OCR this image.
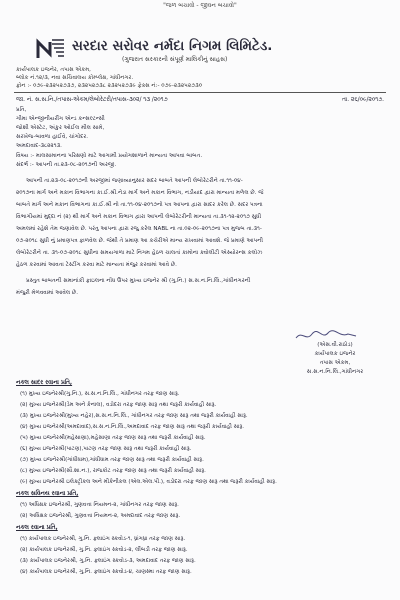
"જળ બચાવો - જીવન બચાવો"
સરદાર સરોવર નર્મદા નિગમ લિમિટેડ.
(ગુજરાત સરકારની સંપૂર્ણ માલિકીનું સાહસ)
કાર્યપાલક ઇજનેર, તપાસ એકમ,
બ્લોક નં.૧૨/૩, નવા સચિવાલય કોમ્પ્લેક્ષ, ગાંધીનગર.
ફોન :- ૦૭૯-૨૩૨૫૨૭૩૭, ૨૩૨૫૨૭૩૮ ૨૩૨૫૨૭૩૯ ફેક્સ નં:- ૦૭૯-૨૩૨૫૨૭૩૦
જા. નં. સ.સ.નિ./તપાસ-એકમ/લેબોરેટરી/તપાસ-૩૦૨/ ૧૩ /૨૦૧૭	તા. ૨૬/૦૯/૨૦૧૭.
પ્રતિ,
ગીમા એન્જીનીયરીંગ એન્ડ કન્સલ્ટન્સી
જોશી એસ્ટેટ, અંકુર ઓઈલ મીલ સામે,
સરખેજ-બાવળા હાઈવે, ચાંગોદર.
અમદાવાદ-૩૮૨૨૧૩.
વિષય :- માલસામાનના પરિક્ષણો માટે આગામી પ્રયોગશાળાને માન્યતા આપવા બાબત.
સંદર્ભ :- આપની તા.૨૩-૦૮-૨૦૧૭ની અરજી.
આપની તા.૨૩-૦૮-૨૦૧૭ની અરજીમાં જણાવ્યાનુસાર સદર બાબતે આપની લેબોરેટરીને તા.૧૧-૦૪-
૨૦૧૭ના માર્ગ અને મકાન વિભાગના કા.ઈ.શ્રી.નેડા માર્ગ અને મકાન વિભાગ, નડીયાદ દ્વારા માન્યતા મળેલ છે. જે
બાબતે માર્ગ અને મકાન વિભાગના કા.ઈ.શ્રી નો તા.૧૧-૦૪-૨૦૧૭નો પત્ર આપના દ્વારા સાદર કરેલ છે. સદર પત્રના
વિભાગીયમાં મુદ્દા નં (૨) થી માર્ગ અને મકાન વિભાગ દ્વારા આપની લેબોરેટરીની માન્યતા તા.૩૧-૧૨-૨૦૧૭ સુધી
અમલમાં રહેશે તેમ જણાવેલ છે. પરંતુ આપના દ્વારા રજુ કરેલ NABL ના તા.૦૨-૦૯-૨૦૧૭ના પત્ર મુજબ તા.૩૧-
૦૭-૨૦૧૮ સુધી નું પ્રમાણપત્ર ફાળવેલ છે. જેથી તે પ્રમાણ આ કચેરીએ માન્ય રાખવામાં આવશે. જે પ્રમાણે આપની
લેબોરેટરીને તા. ૩૧-૦૭-૨૦૧૮ સુધીના સમયગાળા માટે નિગમ હેઠળ ચાલતાં કામોના ક્વોલીટી એસ્યોરન્સ કલોઝ
હેઠળ કરવામાં આવતા ટેસ્ટીંગ કરવા માટે માન્યતા મંજુર કરવામાં આવે છે.
પ્રસ્તુત બાબતની સમાનાંકી ફાઇલના નોંધ ઉપર મુખ્ય ઇજનેર શ્રી (ગુ.નિ.) સ.સ.ન.નિ.લિ.,ગાંધીનગરની
મંજુરી મેળવવામાં આવેલ છે.
(એસ.વી.રાઠોડ)
કાર્યપાલક ઇજનેર
તપાસ એકમ,
સ.સ.ન.નિ.લિ.,ગાંધીનગર
નકલ સાદર રવાના પ્રતિ,
(૧) મુખ્ય ઇજનેરશ્રી(ગુ.નિ.), સ.સ.ન.નિ.લિ., ગાંધીનગર તરફ જાણ સારૂ.
(૨) મુખ્ય ઇજનેરશ્રી(ડેમ અને કેનાલ), વડોદરા તરફ જાણ સારૂ તથા જરૂરી કાર્યવાહી સારૂ.
(૩) મુખ્ય ઇજનેરશ્રી(મુખ્ય નહેર),સ.સ.ન.નિ.લિ., ગાંધીનગર તરફ જાણ સારૂ તથા જરૂરી કાર્યવાહી સારૂ.
(૪) મુખ્ય ઇજનેરશ્રી(અમદાવાદ),સ.સ.ન.નિ.લિ.,અમદાવાદ તરફ જાણ સારૂ તથા જરૂરી કાર્યવાહી સારૂ.
(૫) મુખ્ય ઇજનેરશ્રી(મહેસાણા),મહેસાણા તરફ જાણ સારૂ તથા જરૂરી કાર્યવાહી સારૂ.
(૬) મુખ્ય ઇજનેરશ્રી(પાટણ),પાટણ તરફ જાણ સારૂ તથા જરૂરી કાર્યવાહી સારૂ.
(૭) મુખ્ય ઇજનેરશ્રી(ગાંધીધામ),ગાંધીધામ તરફ જાણ સારૂ તથા જરૂરી કાર્યવાહી સારૂ.
(૮) મુખ્ય ઇજનેરશ્રી(સૌ.શા.ન.), રાજકોટ તરફ જાણ સારૂ તથા જરૂરી કાર્યવાહી સારૂ.
(૯) મુખ્ય ઇજનેરશ્રી ઇલેક્ટ્રીકલ અને મીકેનીકલ (એલ.એલ.પી.), વડોદરા તરફ જાણ સારૂ તથા જરૂરી કાર્યવાહી સારૂ.
નકલ સવિનય રવાના પ્રતિ,
(૧) અધિક્ષક ઇજનેરશ્રી, ગુણવત્તા નિયમન-૨, ગાંધીનગર તરફ જાણ સારૂ.
(૨) અધિક્ષક ઇજનેરશ્રી, ગુણવત્તા નિયમન-૨, અમદાવાદ તરફ જાણ સારૂ.
નકલ રવાના પ્રતિ,
(૧) કાર્યપાલક ઇજનેરશ્રી, ગુ.નિ. ફ્લાઇંગ સ્કવોડ-૧, ધ્રાંગધ્રા તરફ જાણ સારૂ.
(૨) કાર્યપાલક ઇજનેરશ્રી, ગુ.નિ. ફ્લાઇંગ સ્કવોડ-૨, લીંબડી તરફ જાણ સારૂ.
(૩) કાર્યપાલક ઇજનેરશ્રી, ગુ.નિ. ફ્લાઇંગ સ્કવોડ-૩, અમદાવાદ તરફ જાણ સારૂ.
(૪) કાર્યપાલક ઇજનેરશ્રી, ગુ.નિ. ફ્લાઇંગ સ્કવોડ-૪, ચાણસ્મા તરફ જાણ સારૂ.
